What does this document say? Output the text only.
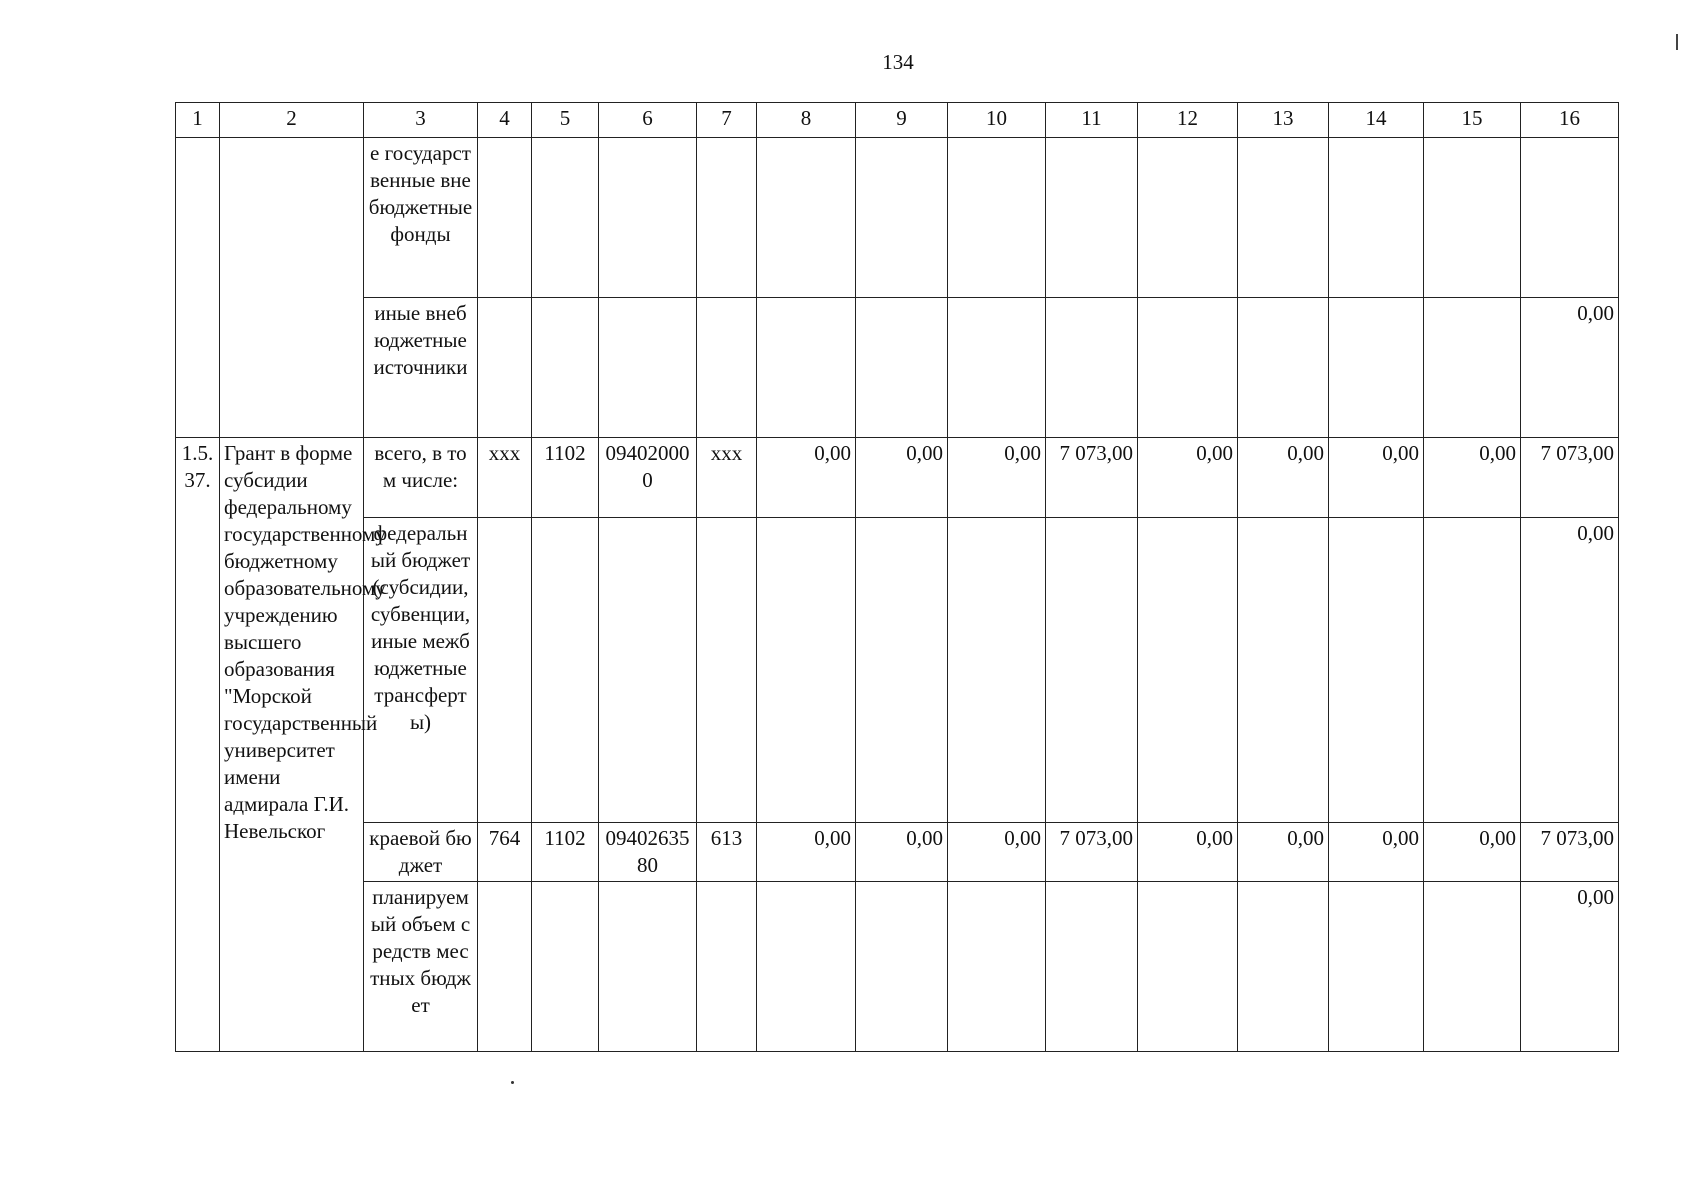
134
1	2	3	4	5	6	7	8	9	10	11	12	13	14	15	16
		е государственные внебюджетные фонды													
		иные внебюджетные источники													0,00
1.5.37.	Грант в форме субсидии федеральному государственному бюджетному образовательному учреждению высшего образования "Морской государственный университет имени адмирала Г.И. Невельског	всего, в том числе:	xxx	1102	094020000	xxx	0,00	0,00	0,00	7 073,00	0,00	0,00	0,00	0,00	7 073,00
		федеральный бюджет (субсидии, субвенции, иные межбюджетные трансферты)													0,00
		краевой бюджет	764	1102	0940263580	613	0,00	0,00	0,00	7 073,00	0,00	0,00	0,00	0,00	7 073,00
		планируемый объем средств местных бюджет													0,00
